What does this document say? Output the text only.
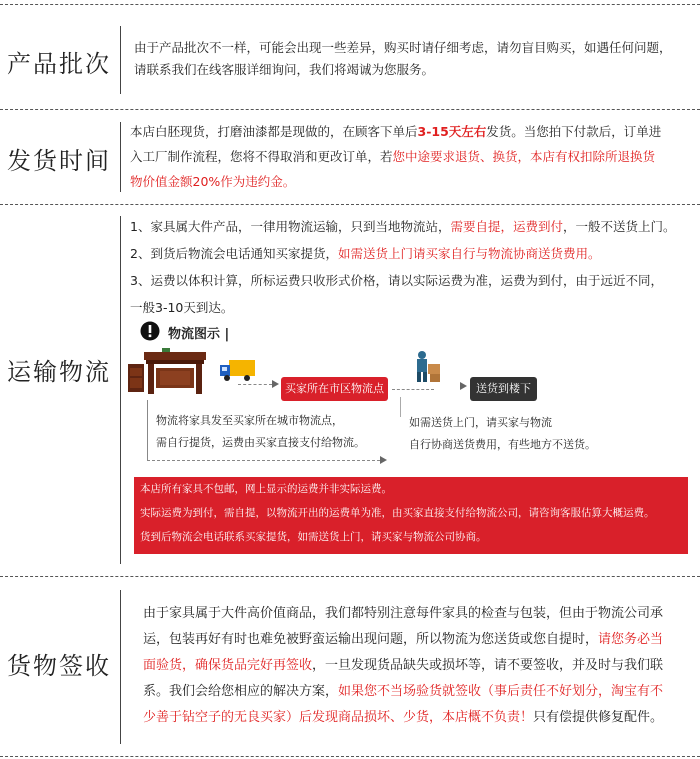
产品批次
发货时间
运输物流
货物签收
由于产品批次不一样，可能会出现一些差异，购买时请仔细考虑，请勿盲目购买，如遇任何问题，
请联系我们在线客服详细询问，我们将竭诚为您服务。
本店白胚现货，打磨油漆都是现做的，在顾客下单后3-15天左右发货。当您拍下付款后，订单进
入工厂制作流程，您将不得取消和更改订单，若您中途要求退货、换货，本店有权扣除所退换货
物价值金额20%作为违约金。
1、家具属大件产品，一律用物流运输，只到当地物流站，需要自提，运费到付，一般不送货上门。
2、到货后物流会电话通知买家提货，如需送货上门请买家自行与物流协商送货费用。
3、运费以体积计算，所标运费只收形式价格，请以实际运费为准，运费为到付，由于远近不同，
一般3-10天到达。
由于家具属于大件高价值商品，我们都特别注意每件家具的检查与包装，但由于物流公司承
运，包装再好有时也难免被野蛮运输出现问题，所以物流为您送货或您自提时，请您务必当
面验货，确保货品完好再签收，一旦发现货品缺失或损坏等，请不要签收，并及时与我们联
系。我们会给您相应的解决方案，如果您不当场验货就签收（事后责任不好划分，淘宝有不
少善于钻空子的无良买家）后发现商品损坏、少货，本店概不负责！只有偿提供修复配件。
物流图示 |
买家所在市区物流点	送货到楼下
物流将家具发至买家所在城市物流点，
需自行提货，运费由买家直接支付给物流。
如需送货上门，请买家与物流
自行协商送货费用，有些地方不送货。
本店所有家具不包邮，网上显示的运费并非实际运费。
实际运费为到付，需自提，以物流开出的运费单为准，由买家直接支付给物流公司，请咨询客服估算大概运费。
货到后物流会电话联系买家提货，如需送货上门，请买家与物流公司协商。
